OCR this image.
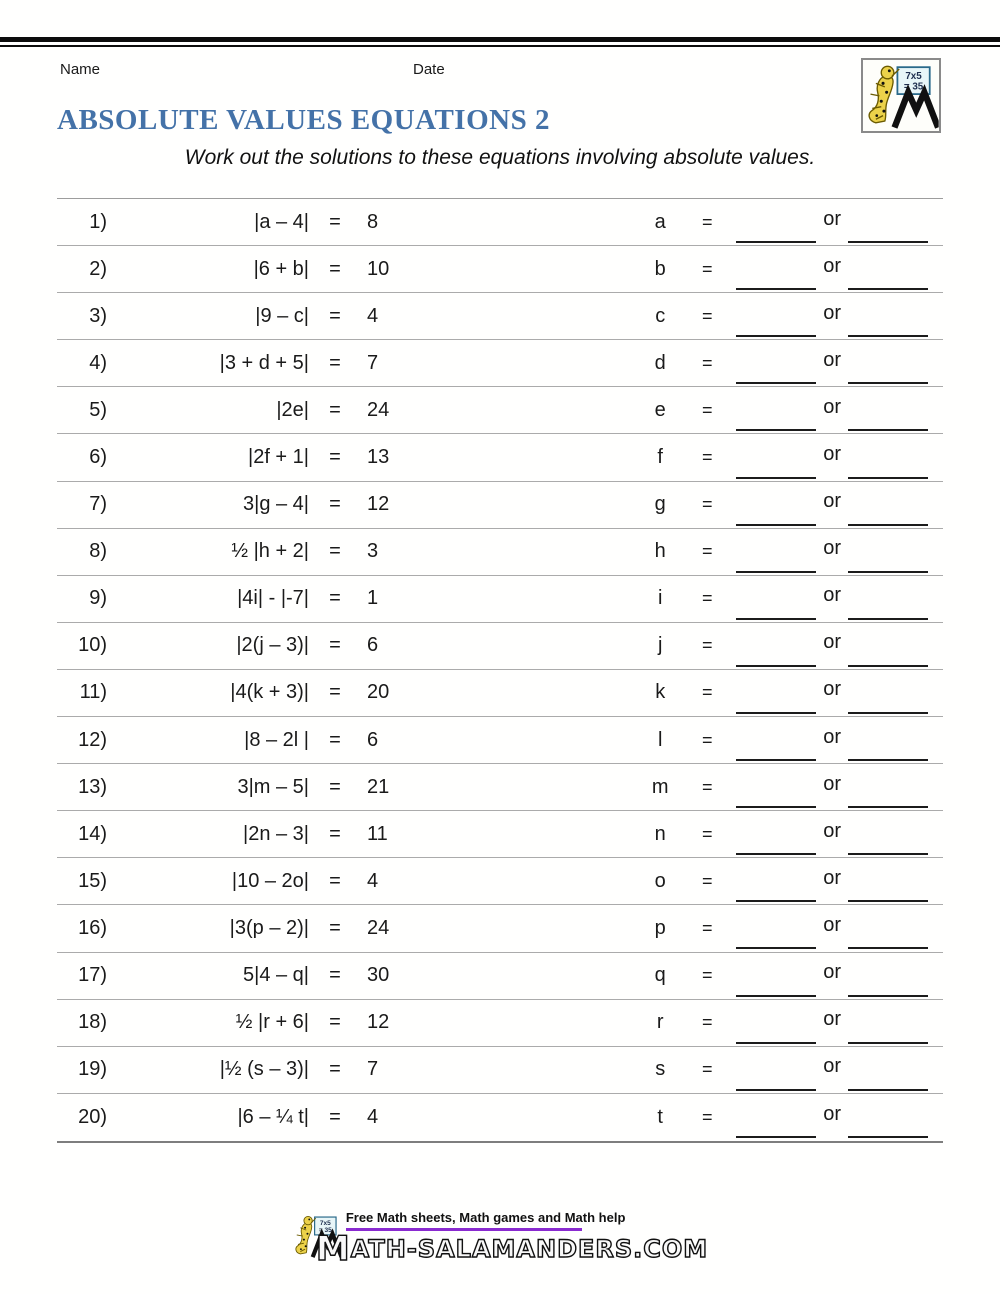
Name	Date
ABSOLUTE VALUES EQUATIONS 2

Work out the solutions to these equations involving absolute values.

1)	|a – 4|	=	8	a	=	or
2)	|6 + b|	=	10	b	=	or
3)	|9 – c|	=	4	c	=	or
4)	|3 + d + 5|	=	7	d	=	or
5)	|2e|	=	24	e	=	or
6)	|2f + 1|	=	13	f	=	or
7)	3|g – 4|	=	12	g	=	or
8)	½ |h + 2|	=	3	h	=	or
9)	|4i| - |-7|	=	1	i	=	or
10)	|2(j – 3)|	=	6	j	=	or
11)	|4(k + 3)|	=	20	k	=	or
12)	|8 – 2l |	=	6	l	=	or
13)	3|m – 5|	=	21	m	=	or
14)	|2n – 3|	=	11	n	=	or
15)	|10 – 2o|	=	4	o	=	or
16)	|3(p – 2)|	=	24	p	=	or
17)	5|4 – q|	=	30	q	=	or
18)	½ |r + 6|	=	12	r	=	or
19)	|½ (s – 3)|	=	7	s	=	or
20)	|6 – ¼ t|	=	4	t	=	or
Free Math sheets, Math games and Math help
MATH-SALAMANDERS.COM
